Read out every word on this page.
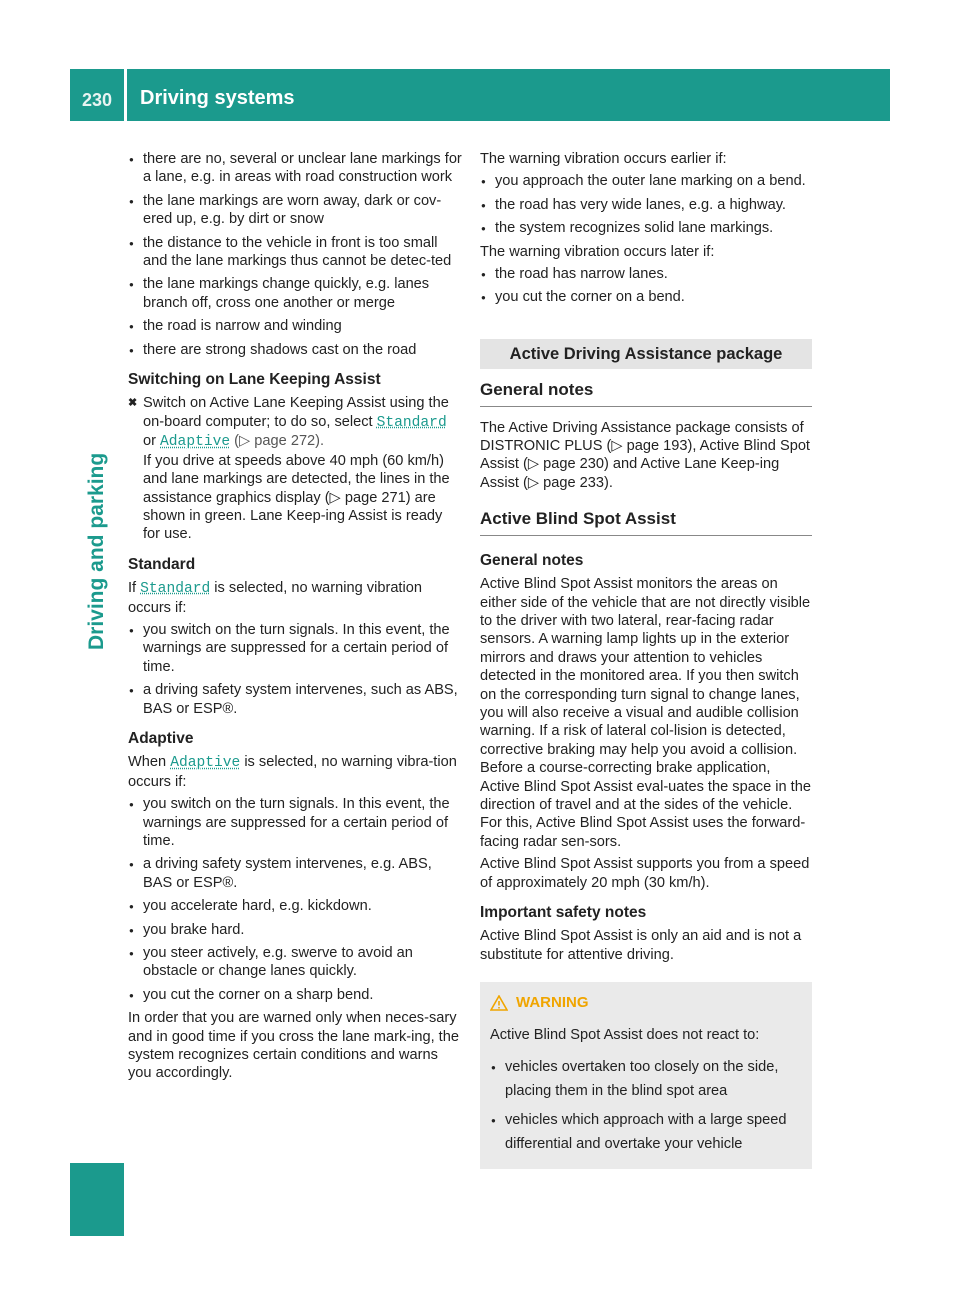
230 Driving systems
Driving and parking
● there are no, several or unclear lane markings for a lane, e.g. in areas with road construction work
● the lane markings are worn away, dark or cov-ered up, e.g. by dirt or snow
● the distance to the vehicle in front is too small and the lane markings thus cannot be detec-ted
● the lane markings change quickly, e.g. lanes branch off, cross one another or merge
● the road is narrow and winding
● there are strong shadows cast on the road
Switching on Lane Keeping Assist
✖ Switch on Active Lane Keeping Assist using the on-board computer; to do so, select Standard or Adaptive (▷ page 272).
If you drive at speeds above 40 mph (60 km/h) and lane markings are detected, the lines in the assistance graphics display (▷ page 271) are shown in green. Lane Keep-ing Assist is ready for use.
Standard
If Standard is selected, no warning vibration occurs if:
● you switch on the turn signals. In this event, the warnings are suppressed for a certain period of time.
● a driving safety system intervenes, such as ABS, BAS or ESP®.
Adaptive
When Adaptive is selected, no warning vibra-tion occurs if:
● you switch on the turn signals. In this event, the warnings are suppressed for a certain period of time.
● a driving safety system intervenes, e.g. ABS, BAS or ESP®.
● you accelerate hard, e.g. kickdown.
● you brake hard.
● you steer actively, e.g. swerve to avoid an obstacle or change lanes quickly.
● you cut the corner on a sharp bend.
In order that you are warned only when neces-sary and in good time if you cross the lane mark-ing, the system recognizes certain conditions and warns you accordingly.
The warning vibration occurs earlier if:
● you approach the outer lane marking on a bend.
● the road has very wide lanes, e.g. a highway.
● the system recognizes solid lane markings.
The warning vibration occurs later if:
● the road has narrow lanes.
● you cut the corner on a bend.
Active Driving Assistance package
General notes
The Active Driving Assistance package consists of DISTRONIC PLUS (▷ page 193), Active Blind Spot Assist (▷ page 230) and Active Lane Keep-ing Assist (▷ page 233).
Active Blind Spot Assist
General notes
Active Blind Spot Assist monitors the areas on either side of the vehicle that are not directly visible to the driver with two lateral, rear-facing radar sensors. A warning lamp lights up in the exterior mirrors and draws your attention to vehicles detected in the monitored area. If you then switch on the corresponding turn signal to change lanes, you will also receive a visual and audible collision warning. If a risk of lateral col-lision is detected, corrective braking may help you avoid a collision. Before a course-correcting brake application, Active Blind Spot Assist eval-uates the space in the direction of travel and at the sides of the vehicle. For this, Active Blind Spot Assist uses the forward-facing radar sen-sors.
Active Blind Spot Assist supports you from a speed of approximately 20 mph (30 km/h).
Important safety notes
Active Blind Spot Assist is only an aid and is not a substitute for attentive driving.
WARNING

Active Blind Spot Assist does not react to:

● vehicles overtaken too closely on the side, placing them in the blind spot area
● vehicles which approach with a large speed differential and overtake your vehicle
